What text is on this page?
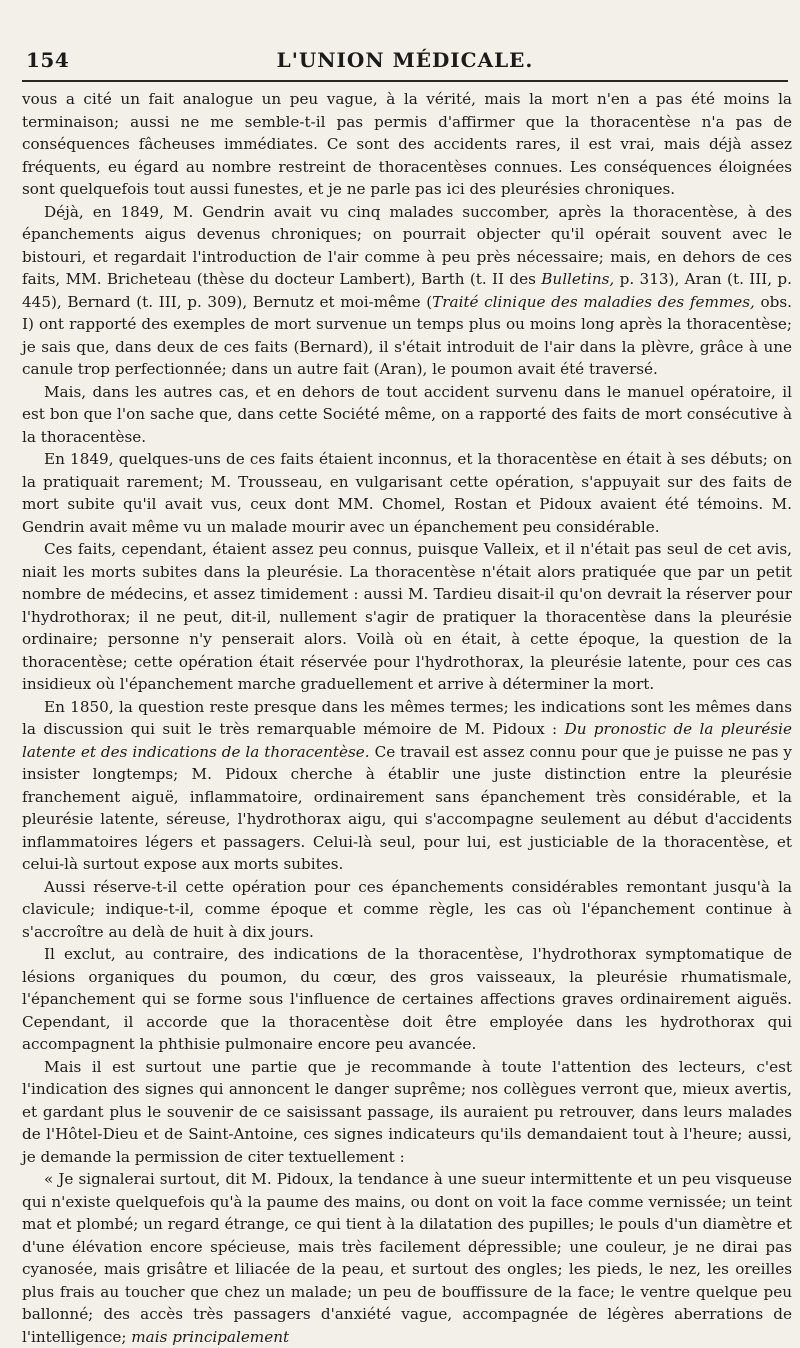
154	L'UNION MÉDICALE.

vous a cité un fait analogue un peu vague, à la vérité, mais la mort n'en a pas été moins la terminaison; aussi ne me semble-t-il pas permis d'affirmer que la thoracentèse n'a pas de conséquences fâcheuses immédiates. Ce sont des accidents rares, il est vrai, mais déjà assez fréquents, eu égard au nombre restreint de thoracentèses connues. Les conséquences éloignées sont quelquefois tout aussi funestes, et je ne parle pas ici des pleurésies chroniques.

Déjà, en 1849, M. Gendrin avait vu cinq malades succomber, après la thoracentèse, à des épanchements aigus devenus chroniques; on pourrait objecter qu'il opérait souvent avec le bistouri, et regardait l'introduction de l'air comme à peu près nécessaire; mais, en dehors de ces faits, MM. Bricheteau (thèse du docteur Lambert), Barth (t. II des Bulletins, p. 313), Aran (t. III, p. 445), Bernard (t. III, p. 309), Bernutz et moi-même (Traité clinique des maladies des femmes, obs. I) ont rapporté des exemples de mort survenue un temps plus ou moins long après la thoracentèse; je sais que, dans deux de ces faits (Bernard), il s'était introduit de l'air dans la plèvre, grâce à une canule trop perfectionnée; dans un autre fait (Aran), le poumon avait été traversé.

Mais, dans les autres cas, et en dehors de tout accident survenu dans le manuel opératoire, il est bon que l'on sache que, dans cette Société même, on a rapporté des faits de mort consécutive à la thoracentèse.

En 1849, quelques-uns de ces faits étaient inconnus, et la thoracentèse en était à ses débuts; on la pratiquait rarement; M. Trousseau, en vulgarisant cette opération, s'appuyait sur des faits de mort subite qu'il avait vus, ceux dont MM. Chomel, Rostan et Pidoux avaient été témoins. M. Gendrin avait même vu un malade mourir avec un épanchement peu considérable.

Ces faits, cependant, étaient assez peu connus, puisque Valleix, et il n'était pas seul de cet avis, niait les morts subites dans la pleurésie. La thoracentèse n'était alors pratiquée que par un petit nombre de médecins, et assez timidement : aussi M. Tardieu disait-il qu'on devrait la réserver pour l'hydrothorax; il ne peut, dit-il, nullement s'agir de pratiquer la thoracentèse dans la pleurésie ordinaire; personne n'y penserait alors. Voilà où en était, à cette époque, la question de la thoracentèse; cette opération était réservée pour l'hydrothorax, la pleurésie latente, pour ces cas insidieux où l'épanchement marche graduellement et arrive à déterminer la mort.

En 1850, la question reste presque dans les mêmes termes; les indications sont les mêmes dans la discussion qui suit le très remarquable mémoire de M. Pidoux : Du pronostic de la pleurésie latente et des indications de la thoracentèse. Ce travail est assez connu pour que je puisse ne pas y insister longtemps; M. Pidoux cherche à établir une juste distinction entre la pleurésie franchement aiguë, inflammatoire, ordinairement sans épanchement très considérable, et la pleurésie latente, séreuse, l'hydrothorax aigu, qui s'accompagne seulement au début d'accidents inflammatoires légers et passagers. Celui-là seul, pour lui, est justiciable de la thoracentèse, et celui-là surtout expose aux morts subites.

Aussi réserve-t-il cette opération pour ces épanchements considérables remontant jusqu'à la clavicule; indique-t-il, comme époque et comme règle, les cas où l'épanchement continue à s'accroître au delà de huit à dix jours.

Il exclut, au contraire, des indications de la thoracentèse, l'hydrothorax symptomatique de lésions organiques du poumon, du cœur, des gros vaisseaux, la pleurésie rhumatismale, l'épanchement qui se forme sous l'influence de certaines affections graves ordinairement aiguës. Cependant, il accorde que la thoracentèse doit être employée dans les hydrothorax qui accompagnent la phthisie pulmonaire encore peu avancée.

Mais il est surtout une partie que je recommande à toute l'attention des lecteurs, c'est l'indication des signes qui annoncent le danger suprême; nos collègues verront que, mieux avertis, et gardant plus le souvenir de ce saisissant passage, ils auraient pu retrouver, dans leurs malades de l'Hôtel-Dieu et de Saint-Antoine, ces signes indicateurs qu'ils demandaient tout à l'heure; aussi, je demande la permission de citer textuellement :

« Je signalerai surtout, dit M. Pidoux, la tendance à une sueur intermittente et un peu visqueuse qui n'existe quelquefois qu'à la paume des mains, ou dont on voit la face comme vernissée; un teint mat et plombé; un regard étrange, ce qui tient à la dilatation des pupilles; le pouls d'un diamètre et d'une élévation encore spécieuse, mais très facilement dépressible; une couleur, je ne dirai pas cyanosée, mais grisâtre et liliacée de la peau, et surtout des ongles; les pieds, le nez, les oreilles plus frais au toucher que chez un malade; un peu de bouffissure de la face; le ventre quelque peu ballonné; des accès très passagers d'anxiété vague, accompagnée de légères aberrations de l'intelligence; mais principalement
